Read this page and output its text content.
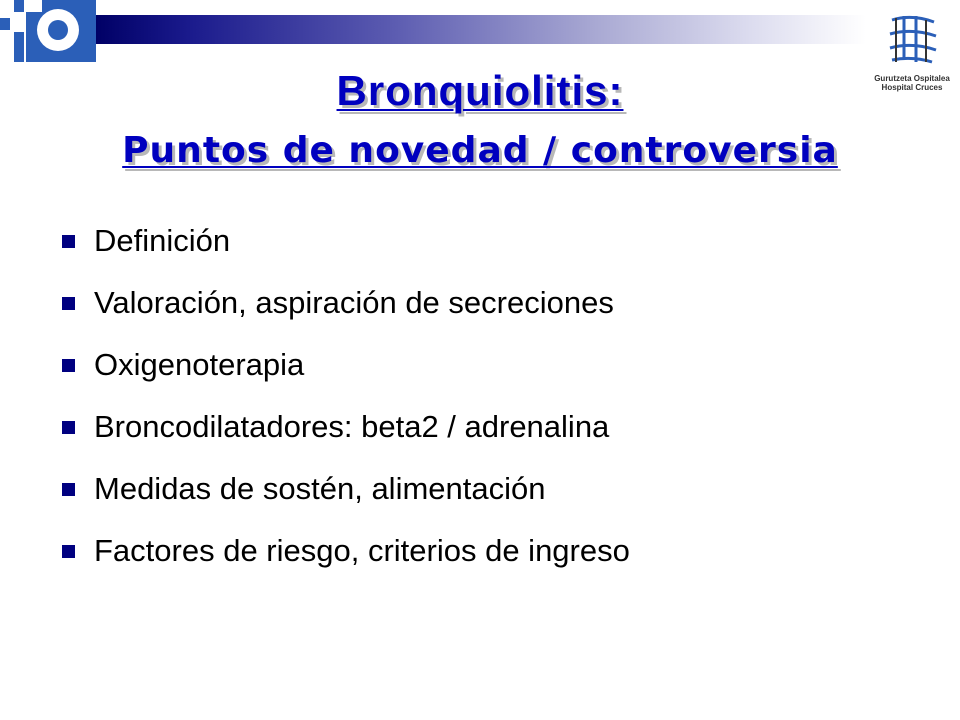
Gurutzeta Ospitalea
Hospital Cruces
Bronquiolitis:
Puntos de novedad / controversia
Definición
Valoración, aspiración de secreciones
Oxigenoterapia
Broncodilatadores: beta2 / adrenalina
Medidas de sostén, alimentación
Factores de riesgo, criterios de ingreso
